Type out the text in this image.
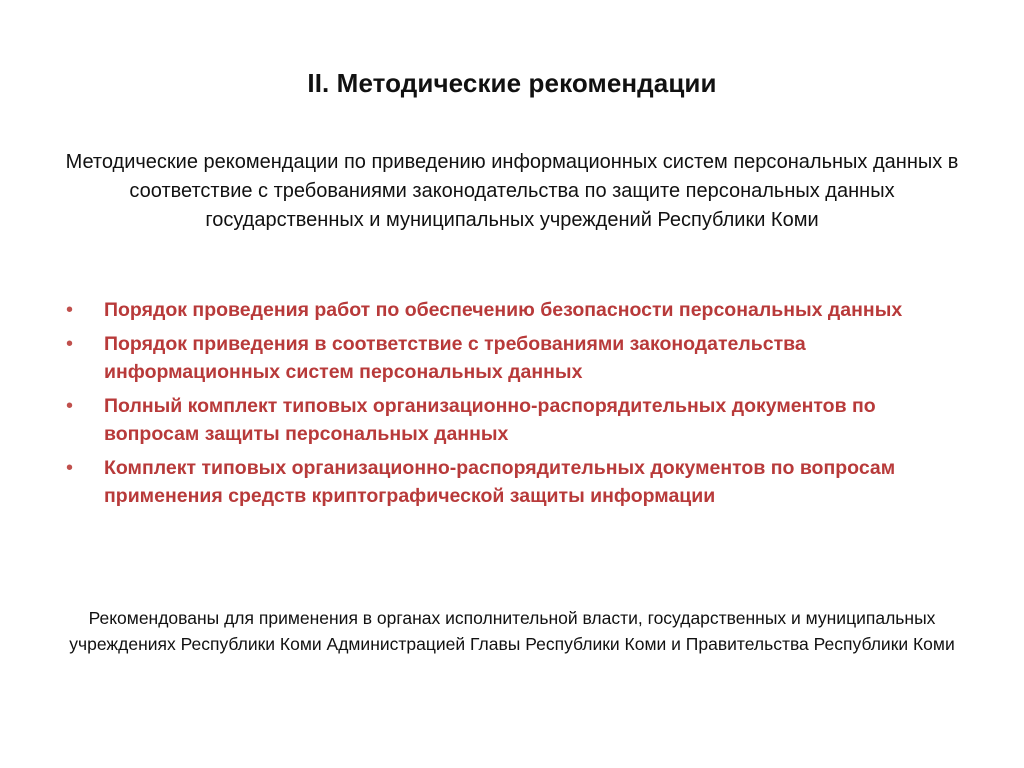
II. Методические рекомендации
Методические рекомендации по приведению информационных систем персональных данных в соответствие с требованиями законодательства по защите персональных данных государственных и муниципальных учреждений Республики Коми
• Порядок проведения работ по обеспечению безопасности персональных данных
• Порядок приведения в соответствие с требованиями законодательства информационных систем персональных данных
• Полный комплект типовых организационно-распорядительных документов по вопросам защиты персональных данных
• Комплект типовых организационно-распорядительных документов по вопросам применения средств криптографической защиты информации
Рекомендованы для применения в органах исполнительной власти, государственных и муниципальных учреждениях Республики Коми Администрацией Главы Республики Коми и Правительства Республики Коми
